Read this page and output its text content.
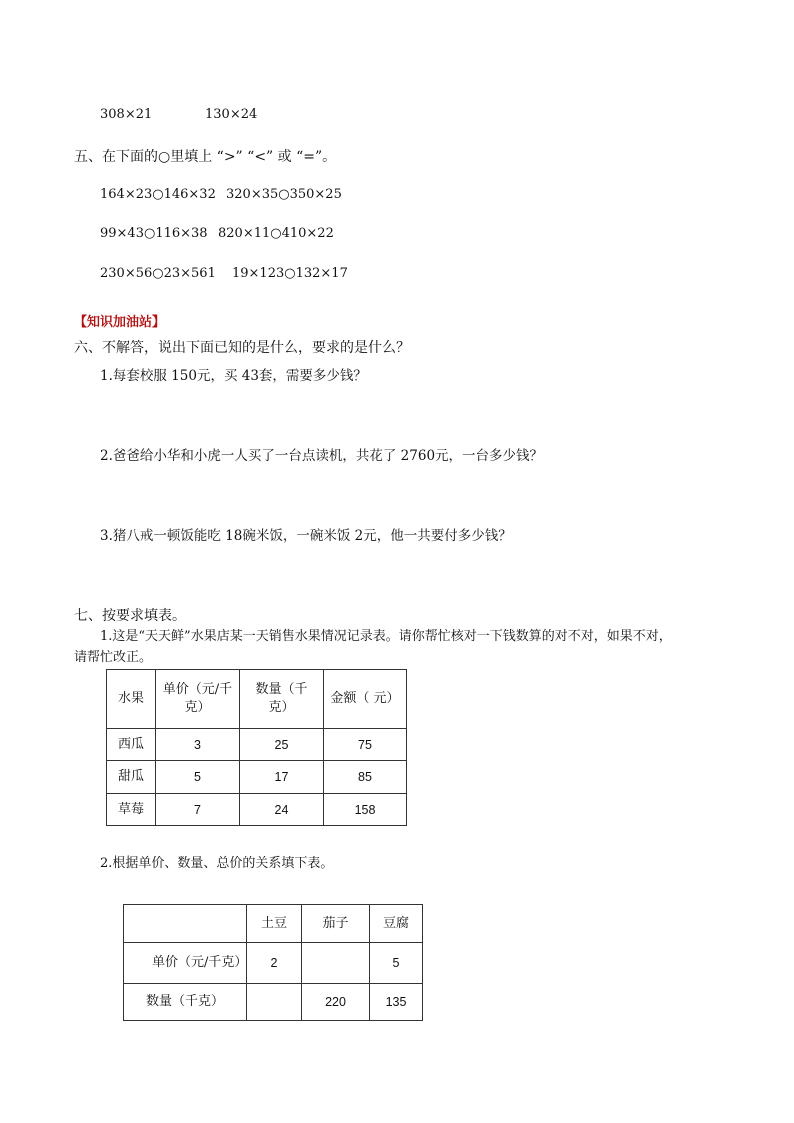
308×21	130×24
五、在下面的○里填上 “>” “<” 或 “=”。
164×23○146×32 320×35○350×25
99×43○116×38 820×11○410×22
230×56○23×561 19×123○132×17
【知识加油站】
六、不解答，说出下面已知的是什么，要求的是什么？
1.每套校服 150元，买 43套，需要多少钱？
2.爸爸给小华和小虎一人买了一台点读机，共花了 2760元，一台多少钱？
3.猪八戒一顿饭能吃 18碗米饭，一碗米饭 2元，他一共要付多少钱？
七、按要求填表。
1.这是“天天鲜”水果店某一天销售水果情况记录表。请你帮忙核对一下钱数算的对不对，如果不对，
请帮忙改正。
水果	单价（元/千克）	数量（千克）	金额（ 元）
西瓜	3	25	75
甜瓜	5	17	85
草莓	7	24	158
2.根据单价、数量、总价的关系填下表。
	土豆	茄子	豆腐
单价（元/千克）	2		5
数量（千克）		220	135
